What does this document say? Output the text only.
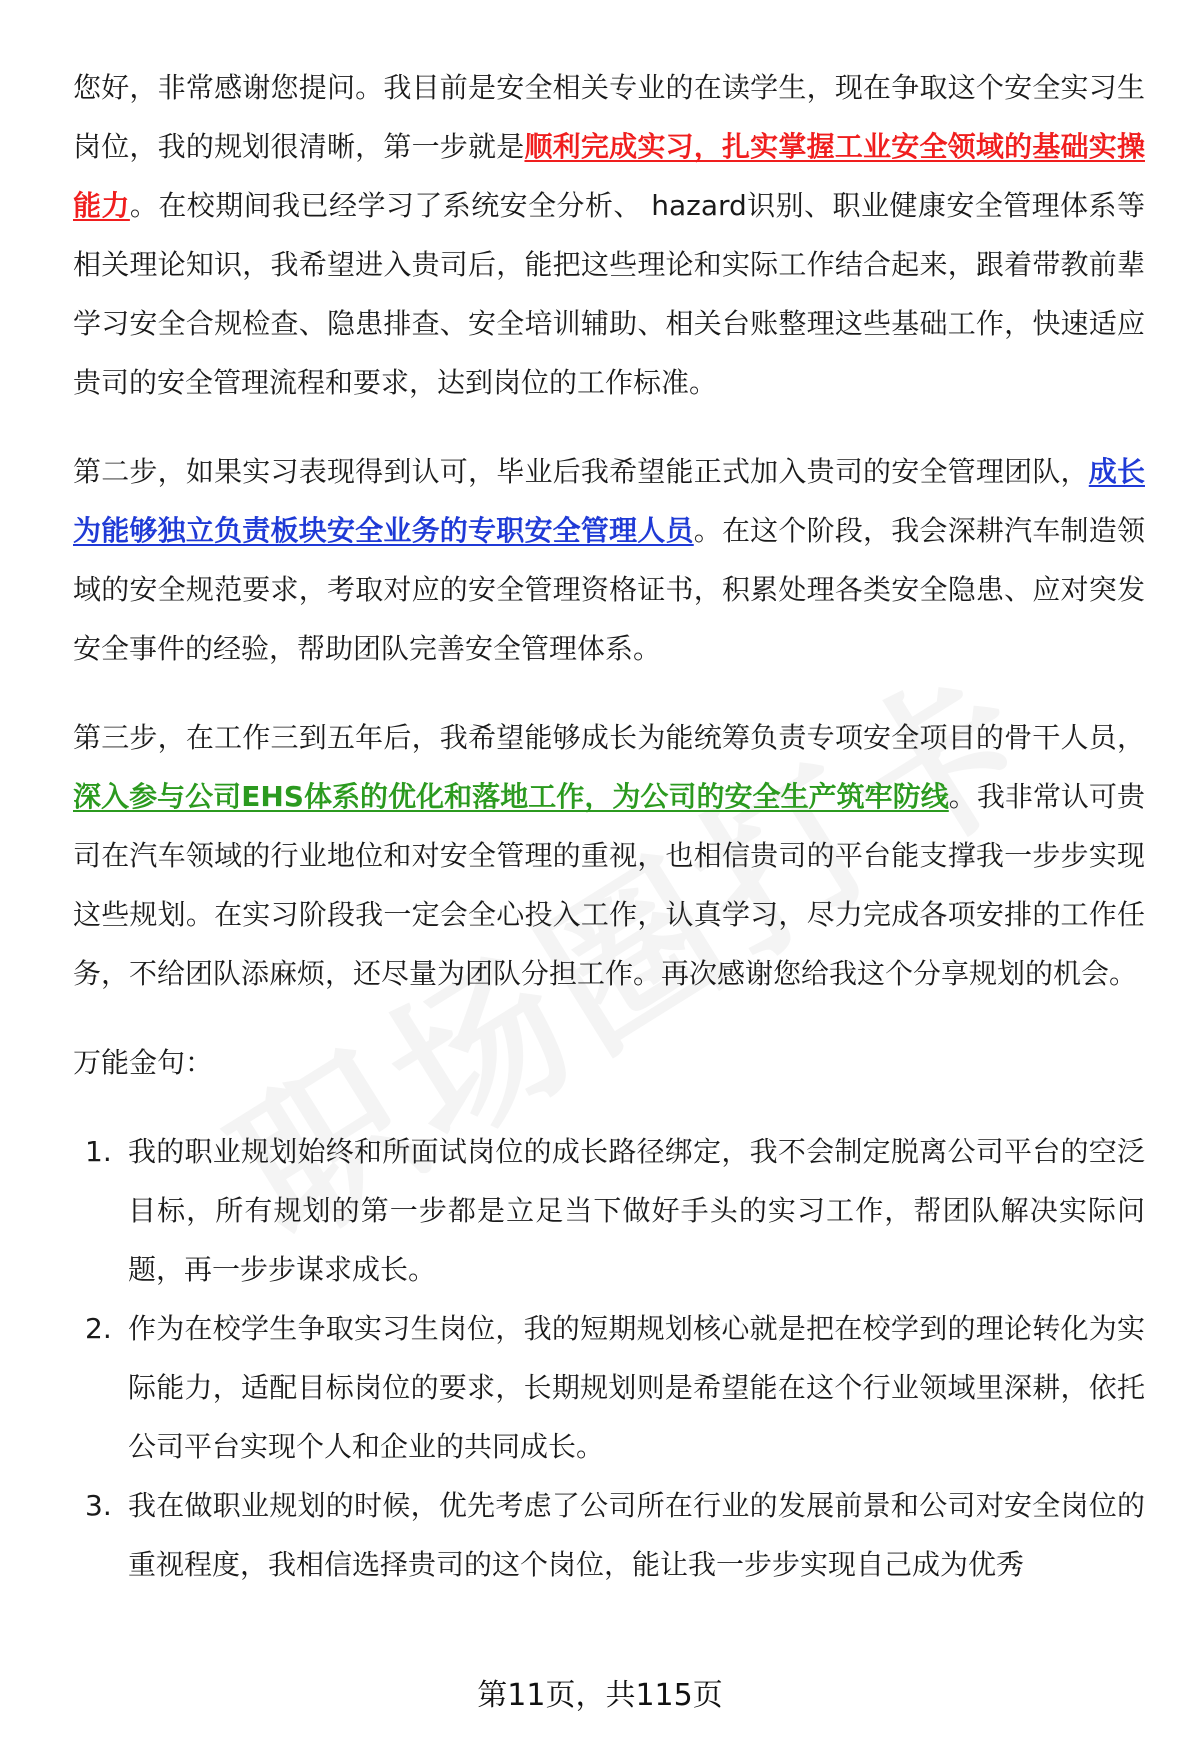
您好，非常感谢您提问。我目前是安全相关专业的在读学生，现在争取这个安全实习生岗位，我的规划很清晰，第一步就是顺利完成实习，扎实掌握工业安全领域的基础实操能力。在校期间我已经学习了系统安全分析、 hazard识别、职业健康安全管理体系等相关理论知识，我希望进入贵司后，能把这些理论和实际工作结合起来，跟着带教前辈学习安全合规检查、隐患排查、安全培训辅助、相关台账整理这些基础工作，快速适应贵司的安全管理流程和要求，达到岗位的工作标准。

第二步，如果实习表现得到认可，毕业后我希望能正式加入贵司的安全管理团队，成长为能够独立负责板块安全业务的专职安全管理人员。在这个阶段，我会深耕汽车制造领域的安全规范要求，考取对应的安全管理资格证书，积累处理各类安全隐患、应对突发安全事件的经验，帮助团队完善安全管理体系。

第三步，在工作三到五年后，我希望能够成长为能统筹负责专项安全项目的骨干人员，深入参与公司EHS体系的优化和落地工作，为公司的安全生产筑牢防线。我非常认可贵司在汽车领域的行业地位和对安全管理的重视，也相信贵司的平台能支撑我一步步实现这些规划。在实习阶段我一定会全心投入工作，认真学习，尽力完成各项安排的工作任务，不给团队添麻烦，还尽量为团队分担工作。再次感谢您给我这个分享规划的机会。

万能金句：
1. 我的职业规划始终和所面试岗位的成长路径绑定，我不会制定脱离公司平台的空泛目标，所有规划的第一步都是立足当下做好手头的实习工作，帮团队解决实际问题，再一步步谋求成长。
2. 作为在校学生争取实习生岗位，我的短期规划核心就是把在校学到的理论转化为实际能力，适配目标岗位的要求，长期规划则是希望能在这个行业领域里深耕，依托公司平台实现个人和企业的共同成长。
3. 我在做职业规划的时候，优先考虑了公司所在行业的发展前景和公司对安全岗位的重视程度，我相信选择贵司的这个岗位，能让我一步步实现自己成为优秀
第11页，共115页
